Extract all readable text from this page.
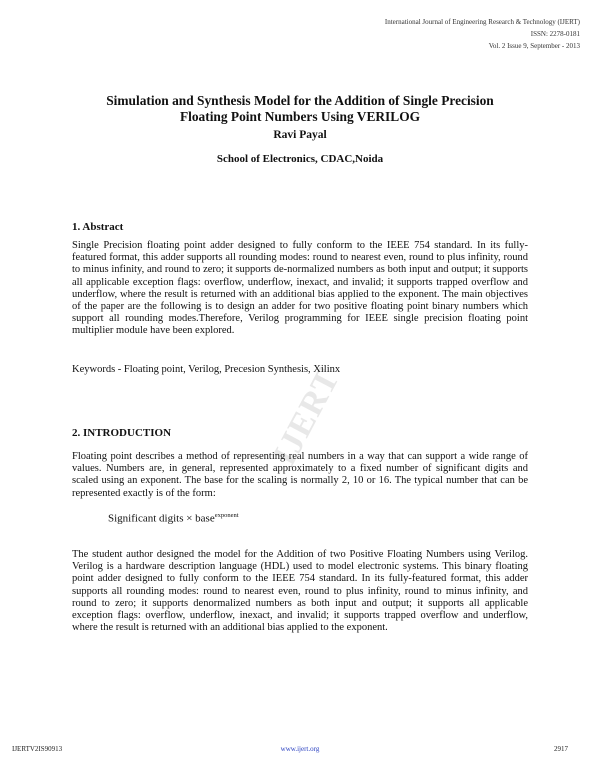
International Journal of Engineering Research & Technology (IJERT)
ISSN: 2278-0181
Vol. 2 Issue 9, September - 2013
Simulation and Synthesis Model for the Addition of Single Precision
Floating Point Numbers Using VERILOG
Ravi Payal
School of Electronics, CDAC,Noida
IJERT
1. Abstract

Single Precision floating point adder designed to fully conform to the IEEE 754 standard. In its fully-featured format, this adder supports all rounding modes: round to nearest even, round to plus infinity, round to minus infinity, and round to zero; it supports de-normalized numbers as both input and output; it supports all applicable exception flags: overflow, underflow, inexact, and invalid; it supports trapped overflow and underflow, where the result is returned with an additional bias applied to the exponent. The main objectives of the paper are the following is to design an adder for two positive floating point binary numbers which support all rounding modes.Therefore, Verilog programming for IEEE single precision floating point multiplier module have been explored.

Keywords - Floating point, Verilog, Precesion Synthesis, Xilinx

2. INTRODUCTION

Floating point describes a method of representing real numbers in a way that can support a wide range of values. Numbers are, in general, represented approximately to a fixed number of significant digits and scaled using an exponent. The base for the scaling is normally 2, 10 or 16. The typical number that can be represented exactly is of the form:

Significant digits × base$^{exponent}$

The student author designed the model for the Addition of two Positive Floating Numbers using Verilog. Verilog is a hardware description language (HDL) used to model electronic systems. This binary floating point adder designed to fully conform to the IEEE 754 standard. In its fully-featured format, this adder supports all rounding modes: round to nearest even, round to plus infinity, round to minus infinity, and round to zero; it supports denormalized numbers as both input and output; it supports all applicable exception flags: overflow, underflow, inexact, and invalid; it supports trapped overflow and underflow, where the result is returned with an additional bias applied to the exponent.

IJERTV2IS90913	www.ijert.org	2917
